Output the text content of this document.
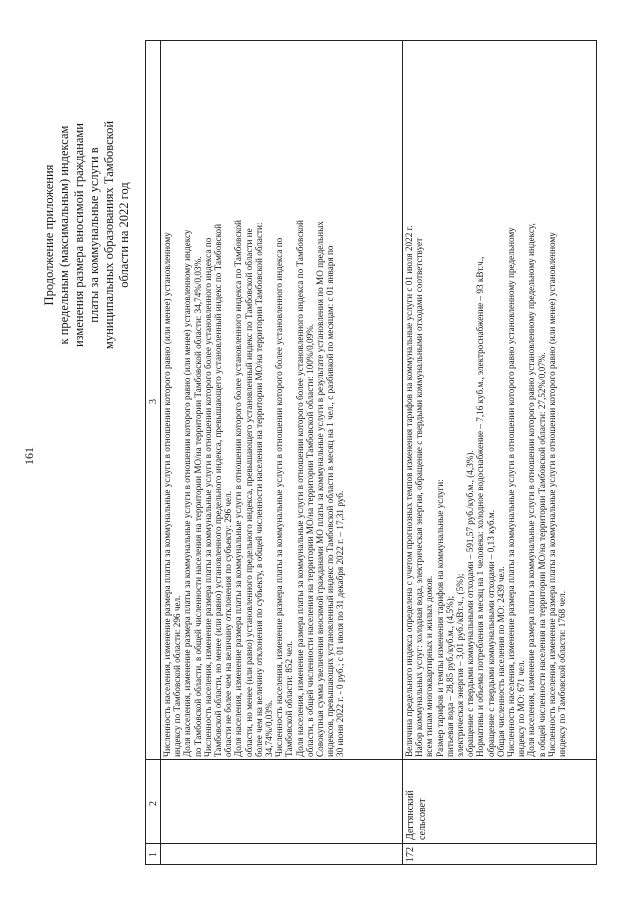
161
Продолжение приложения к предельным (максимальным) индексам изменения размера вносимой гражданами платы за коммунальные услуги в муниципальных образованиях Тамбовской области на 2022 год
1
2
3
Численность населения, изменение размера платы за коммунальные услуги в отношении которого равно (или менее) установленному
индексу по Тамбовской области: 296 чел.
Доля населения, изменение размера платы за коммунальные услуги в отношении которого равно (или менее) установленному индексу
по Тамбовской области, в общей численности населения на территории МО/на территории Тамбовской области: 34,74%/0,03%.
Численность населения, изменение размера платы за коммунальные услуги в отношении которого более установленного индекса по
Тамбовской области, но менее (или равно) установленного предельного индекса, превышающего установленный индекс по Тамбовской
области не более чем на величину отклонения по субъекту: 296 чел.
Доля населения, изменение размера платы за коммунальные услуги в отношении которого более установленного индекса по Тамбовской
области, но менее (или равно) установленного предельного индекса, превышающего установленный индекс по Тамбовской области не
более чем на величину отклонения по субъекту, в общей численности населения на территории МО/на территории Тамбовской области:
34,74%/0,03%.
Численность населения, изменение размера платы за коммунальные услуги в отношении которого более установленного индекса по
Тамбовской области: 852 чел.
Доля населения, изменение размера платы за коммунальные услуги в отношении которого более установленного индекса по Тамбовской
области, в общей численности населения на территории МО/на территории Тамбовской области: 100%/0,09%.
Совокупная сумма увеличения вносимой гражданами МО платы за коммунальные услуги в результате установления по МО предельных
индексов, превышающих установленный индекс по Тамбовской области в месяц на 1 чел., с разбивкой по месяцам: с 01 января по
30 июня 2022 г. - 0 руб.; с 01 июля по 31 декабря 2022 г. – 17,31 руб.
172
Дегтянский сельсовет
Величина предельного индекса определена с учетом прогнозных темпов изменения тарифов на коммунальные услуги с 01 июля 2022 г.
Набор коммунальных услуг: холодная вода, электрическая энергия, обращение с твердыми коммунальными отходами соответствует
всем типам многоквартирных и жилых домов.
Размер тарифов и темпы изменения тарифов на коммунальные услуги:
питьевая вода – 28,85 руб./куб.м., (4,5%);
электрическая энергия – 3,01 руб./кВт.ч., (5%);
обращение с твердыми коммунальными отходами – 591,57 руб./куб.м., (4,3%).
Нормативы и объемы потребления в месяц на 1 человека: холодное водоснабжение – 7,16 куб.м., электроснабжение – 93 кВт.ч.,
обращение с твердыми коммунальными отходами – 0,13 куб.м.
Общая численность населения по МО: 2439 чел.
Численность населения, изменение размера платы за коммунальные услуги в отношении которого равно установленному предельному
индексу по МО: 671 чел.
Доля населения, изменение размера платы за коммунальные услуги в отношении которого равно установленному предельному индексу,
в общей численности населения на территории МО/на территории Тамбовской области: 27,52%/0,07%.
Численность населения, изменение размера платы за коммунальные услуги в отношении которого равно (или менее) установленному
индексу по Тамбовской области: 1768 чел.
